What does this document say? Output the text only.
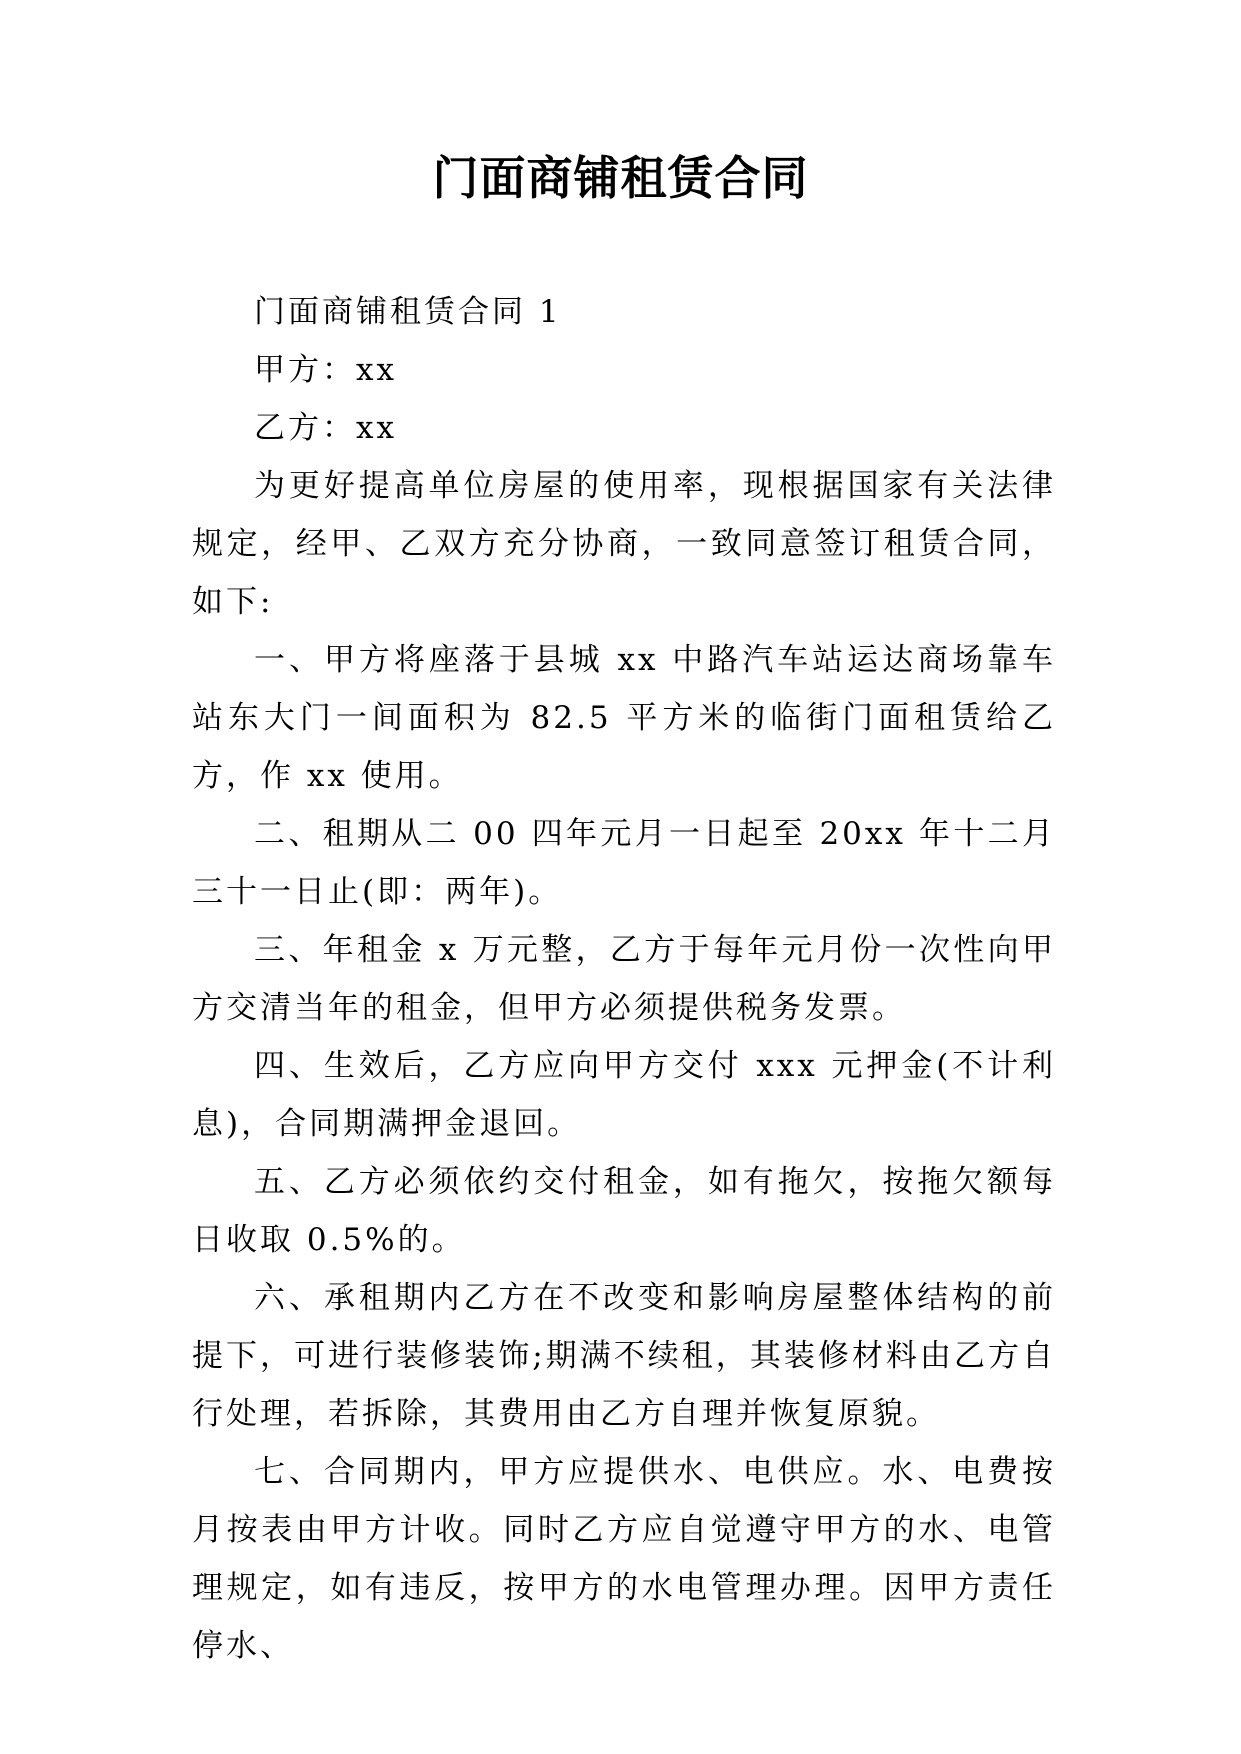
门面商铺租赁合同

门面商铺租赁合同 1

甲方：xx

乙方：xx

为更好提高单位房屋的使用率，现根据国家有关法律规定，经甲、乙双方充分协商，一致同意签订租赁合同，如下:

一、甲方将座落于县城 xx 中路汽车站运达商场靠车站东大门一间面积为 82.5 平方米的临街门面租赁给乙方，作 xx 使用。

二、租期从二 00 四年元月一日起至 20xx 年十二月三十一日止(即：两年)。

三、年租金 x 万元整，乙方于每年元月份一次性向甲方交清当年的租金，但甲方必须提供税务发票。

四、生效后，乙方应向甲方交付 xxx 元押金(不计利息)，合同期满押金退回。

五、乙方必须依约交付租金，如有拖欠，按拖欠额每日收取 0.5%的。

六、承租期内乙方在不改变和影响房屋整体结构的前提下，可进行装修装饰;期满不续租，其装修材料由乙方自行处理，若拆除，其费用由乙方自理并恢复原貌。

七、合同期内，甲方应提供水、电供应。水、电费按月按表由甲方计收。同时乙方应自觉遵守甲方的水、电管理规定，如有违反，按甲方的水电管理办理。因甲方责任停水、
